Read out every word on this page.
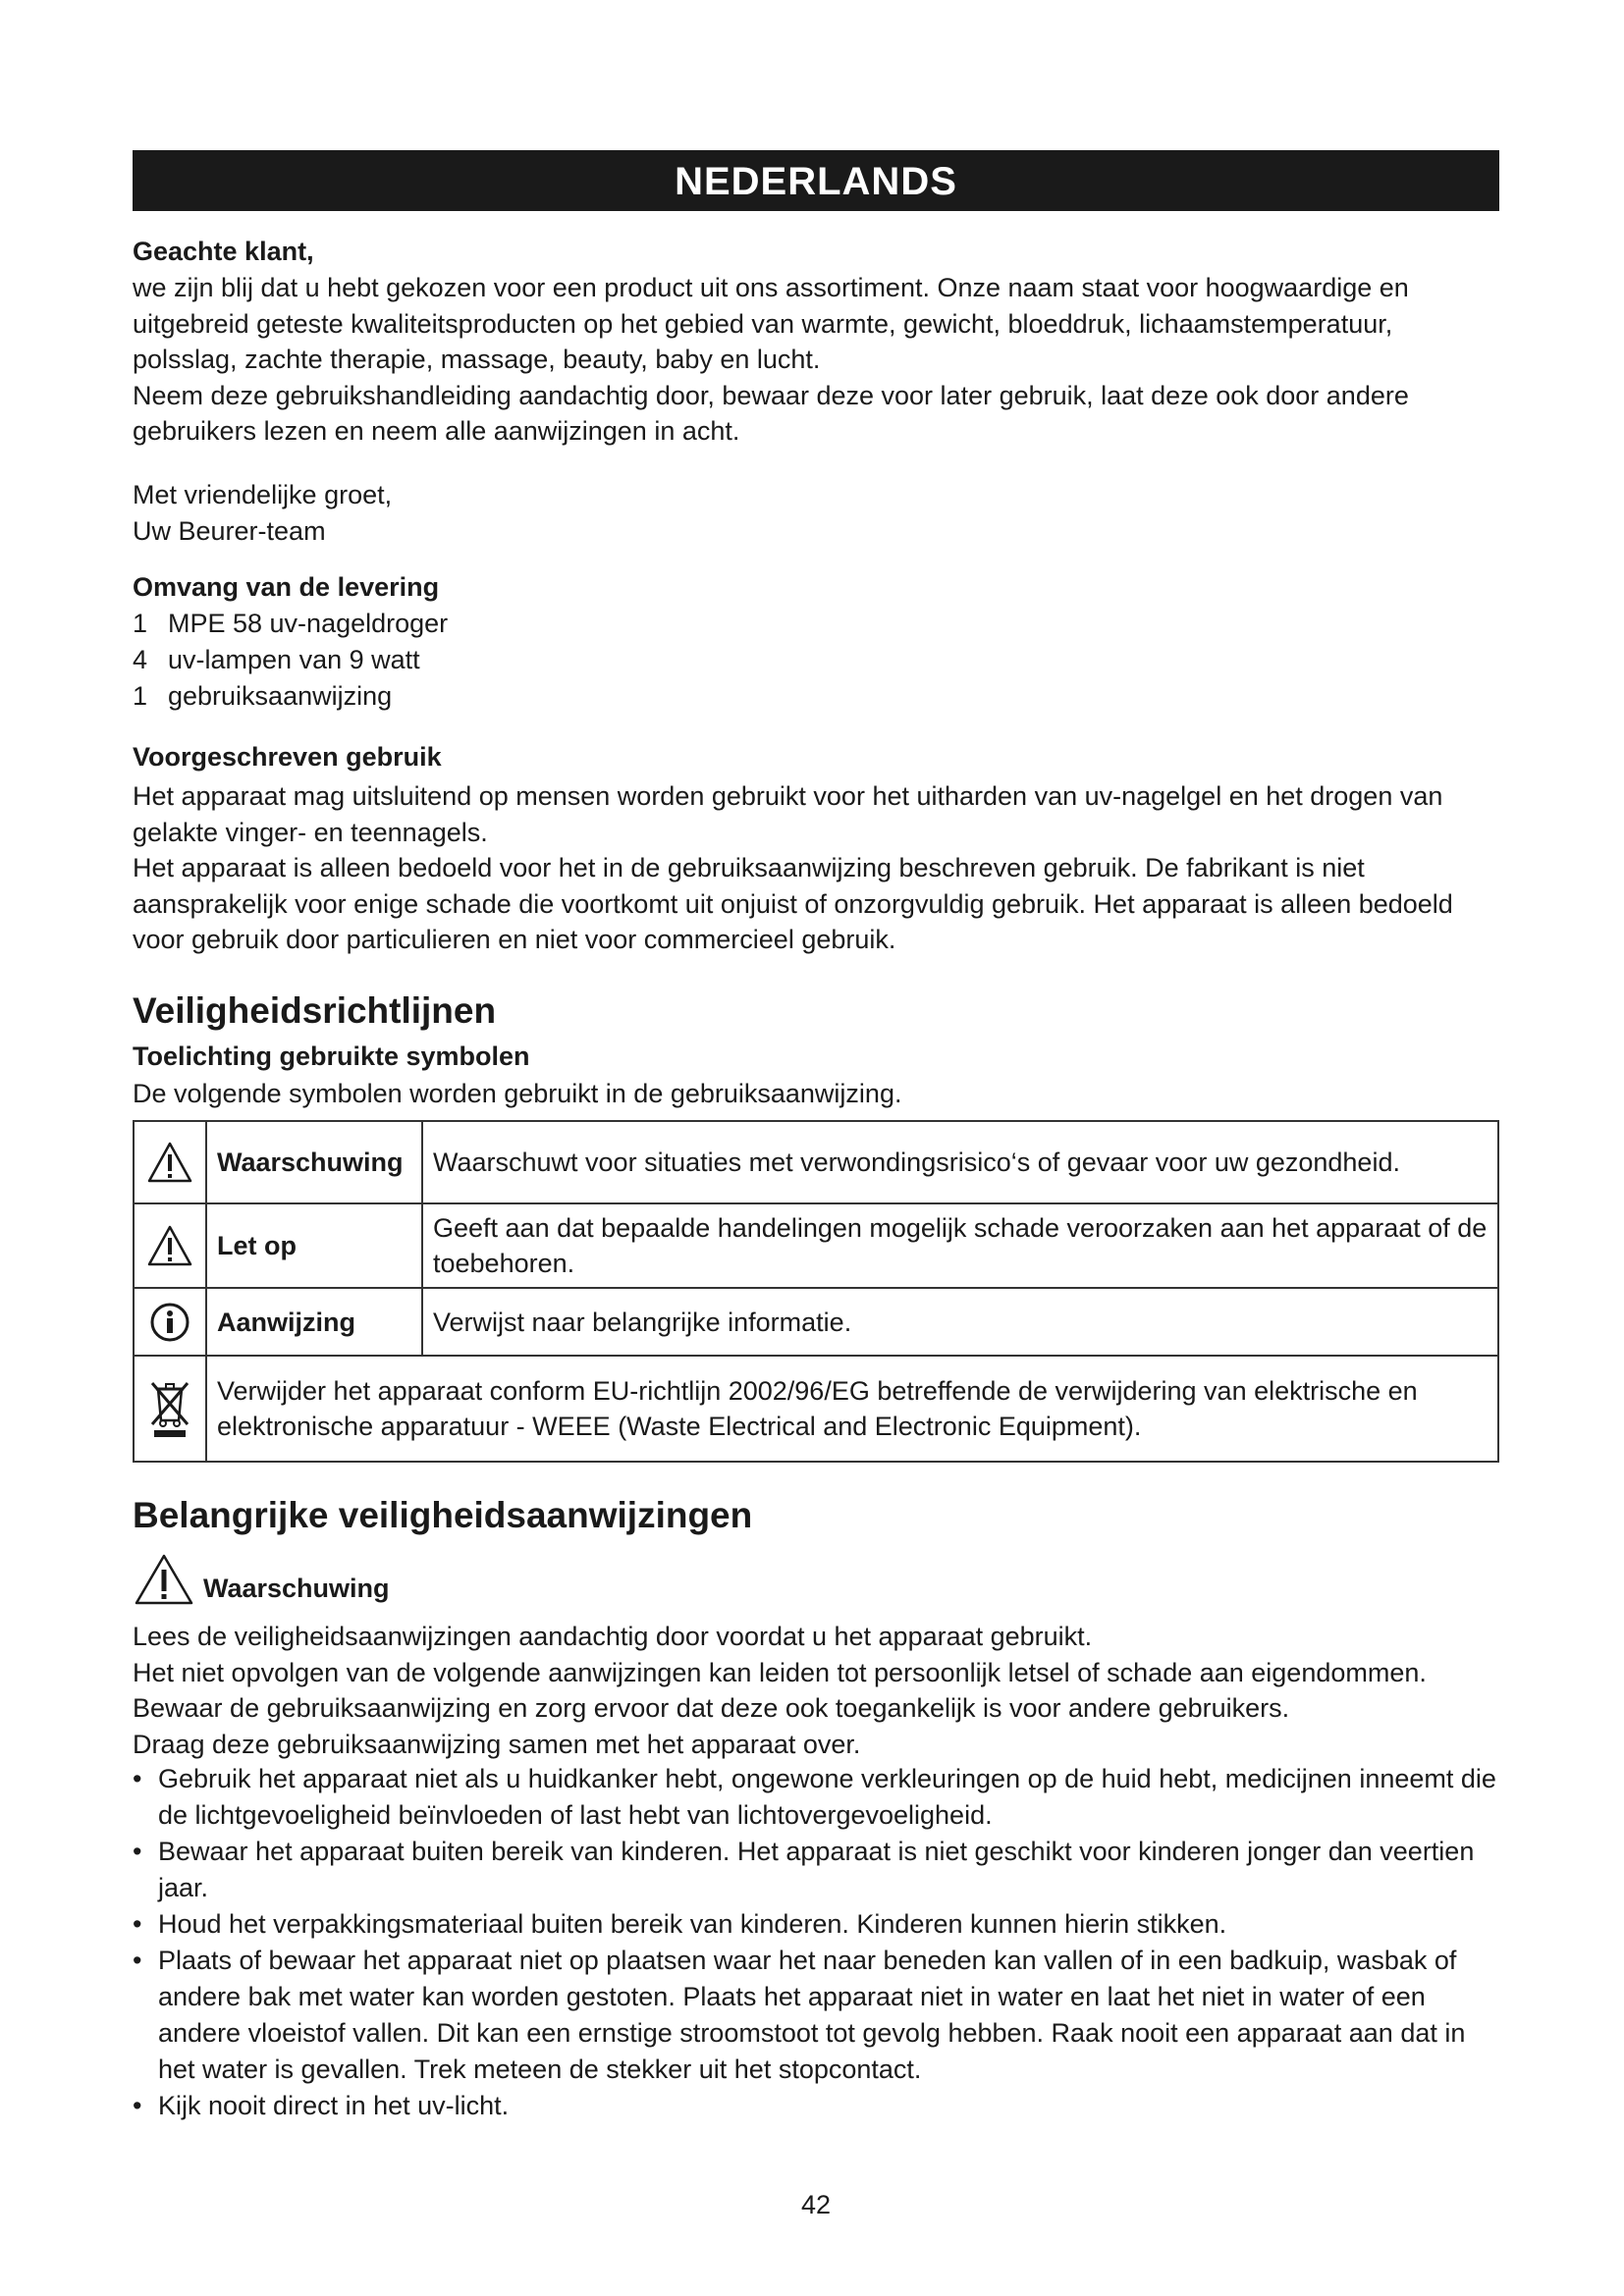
NEDERLANDS
Geachte klant,

we zijn blij dat u hebt gekozen voor een product uit ons assortiment. Onze naam staat voor hoogwaardige en uitgebreid geteste kwaliteitsproducten op het gebied van warmte, gewicht, bloeddruk, lichaamstemperatuur, polsslag, zachte therapie, massage, beauty, baby en lucht.

Neem deze gebruikshandleiding aandachtig door, bewaar deze voor later gebruik, laat deze ook door andere gebruikers lezen en neem alle aanwijzingen in acht.

Met vriendelijke groet,

Uw Beurer-team

Omvang van de levering
1 MPE 58 uv-nageldroger
4 uv-lampen van 9 watt
1 gebruiksaanwijzing
Voorgeschreven gebruik

Het apparaat mag uitsluitend op mensen worden gebruikt voor het uitharden van uv-nagelgel en het drogen van gelakte vinger- en teennagels.

Het apparaat is alleen bedoeld voor het in de gebruiksaanwijzing beschreven gebruik. De fabrikant is niet aansprakelijk voor enige schade die voortkomt uit onjuist of onzorgvuldig gebruik. Het apparaat is alleen bedoeld voor gebruik door particulieren en niet voor commercieel gebruik.

Veiligheidsrichtlijnen
Toelichting gebruikte symbolen
De volgende symbolen worden gebruikt in de gebruiksaanwijzing.
	Waarschuwing	Waarschuwt voor situaties met verwondingsrisico‘s of gevaar voor uw gezondheid.

	Let op	Geeft aan dat bepaalde handelingen mogelijk schade veroorzaken aan het apparaat of de toebehoren.

	Aanwijzing	Verwijst naar belangrijke informatie.

	Verwijder het apparaat conform EU-richtlijn 2002/96/EG betreffende de verwijdering van elektrische en elektronische apparatuur - WEEE (Waste Electrical and Electronic Equipment).	
Belangrijke veiligheidsaanwijzingen
Waarschuwing

Lees de veiligheidsaanwijzingen aandachtig door voordat u het apparaat gebruikt.

Het niet opvolgen van de volgende aanwijzingen kan leiden tot persoonlijk letsel of schade aan eigendommen. Bewaar de gebruiksaanwijzing en zorg ervoor dat deze ook toegankelijk is voor andere gebruikers.

Draag deze gebruiksaanwijzing samen met het apparaat over.

• Gebruik het apparaat niet als u huidkanker hebt, ongewone verkleuringen op de huid hebt, medicijnen inneemt die de lichtgevoeligheid beïnvloeden of last hebt van lichtovergevoeligheid.
• Bewaar het apparaat buiten bereik van kinderen. Het apparaat is niet geschikt voor kinderen jonger dan veertien jaar.
• Houd het verpakkingsmateriaal buiten bereik van kinderen. Kinderen kunnen hierin stikken.
• Plaats of bewaar het apparaat niet op plaatsen waar het naar beneden kan vallen of in een badkuip, wasbak of andere bak met water kan worden gestoten. Plaats het apparaat niet in water en laat het niet in water of een andere vloeistof vallen. Dit kan een ernstige stroomstoot tot gevolg hebben. Raak nooit een apparaat aan dat in het water is gevallen. Trek meteen de stekker uit het stopcontact.
• Kijk nooit direct in het uv-licht.
42
